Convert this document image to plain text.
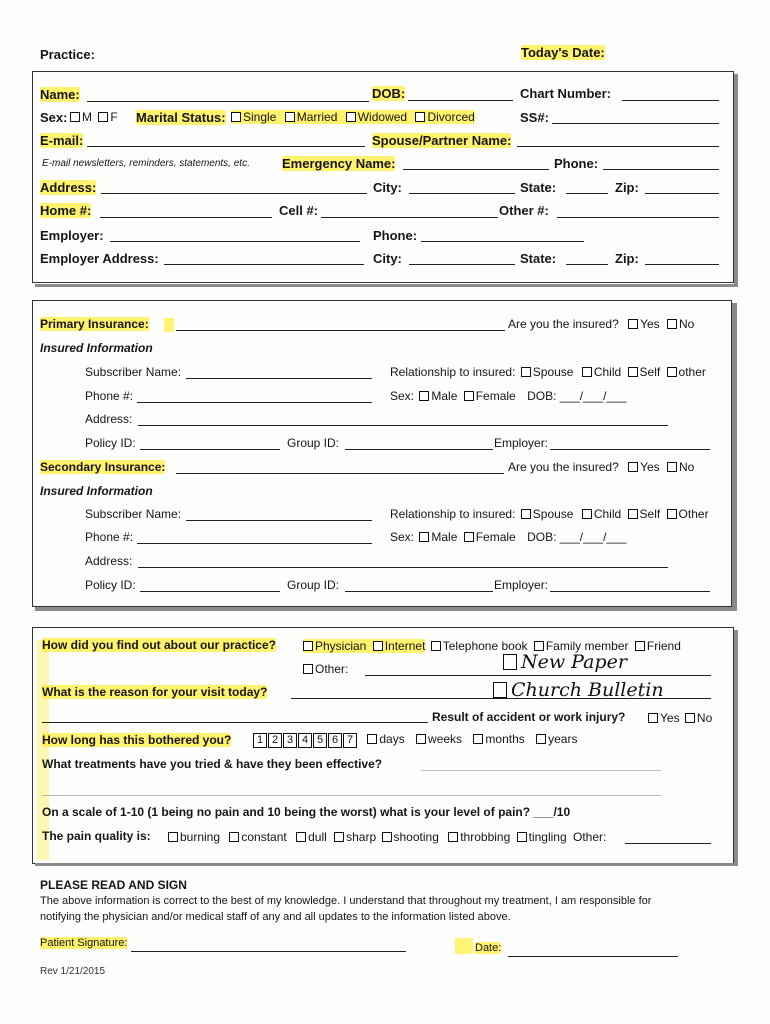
Practice:	Today's Date:
Name:	DOB:	Chart Number:
Sex:	M F Marital Status:	Single Married Widowed Divorced	SS#:
E-mail:	Spouse/Partner Name:
E-mail newsletters, reminders, statements, etc. Emergency Name:	Phone:
Address:	City:	State:	Zip:
Home #:	Cell #:	Other #:
Employer:	Phone:
Employer Address:	City:	State:	Zip:
Primary Insurance:	Are you the insured? Yes No
Insured Information
Subscriber Name:	Relationship to insured: Spouse Child Self other
Phone #:	Sex: Male Female DOB: ___/___/___
Address:
Policy ID:	Group ID:	Employer:
Secondary Insurance:	Are you the insured? Yes No
Insured Information
Subscriber Name:	Relationship to insured: Spouse Child Self Other
Phone #:	Sex: Male Female DOB: ___/___/___
Address:
Policy ID:	Group ID:	Employer:
How did you find out about our practice?	Physician Internet Telephone book Family member Friend
Other:	New Paper
What is the reason for your visit today?	Church Bulletin
Result of accident or work injury?	Yes No
How long has this bothered you?	1 2 3 4 5 6 7 days weeks months years
What treatments have you tried & have they been effective?
On a scale of 1-10 (1 being no pain and 10 being the worst) what is your level of pain? ___/10
The pain quality is:	burning constant dull sharp shooting throbbing tingling Other:
PLEASE READ AND SIGN
The above information is correct to the best of my knowledge. I understand that throughout my treatment, I am responsible for
notifying the physician and/or medical staff of any and all updates to the information listed above.
Patient Signature:	Date:
Rev 1/21/2015
